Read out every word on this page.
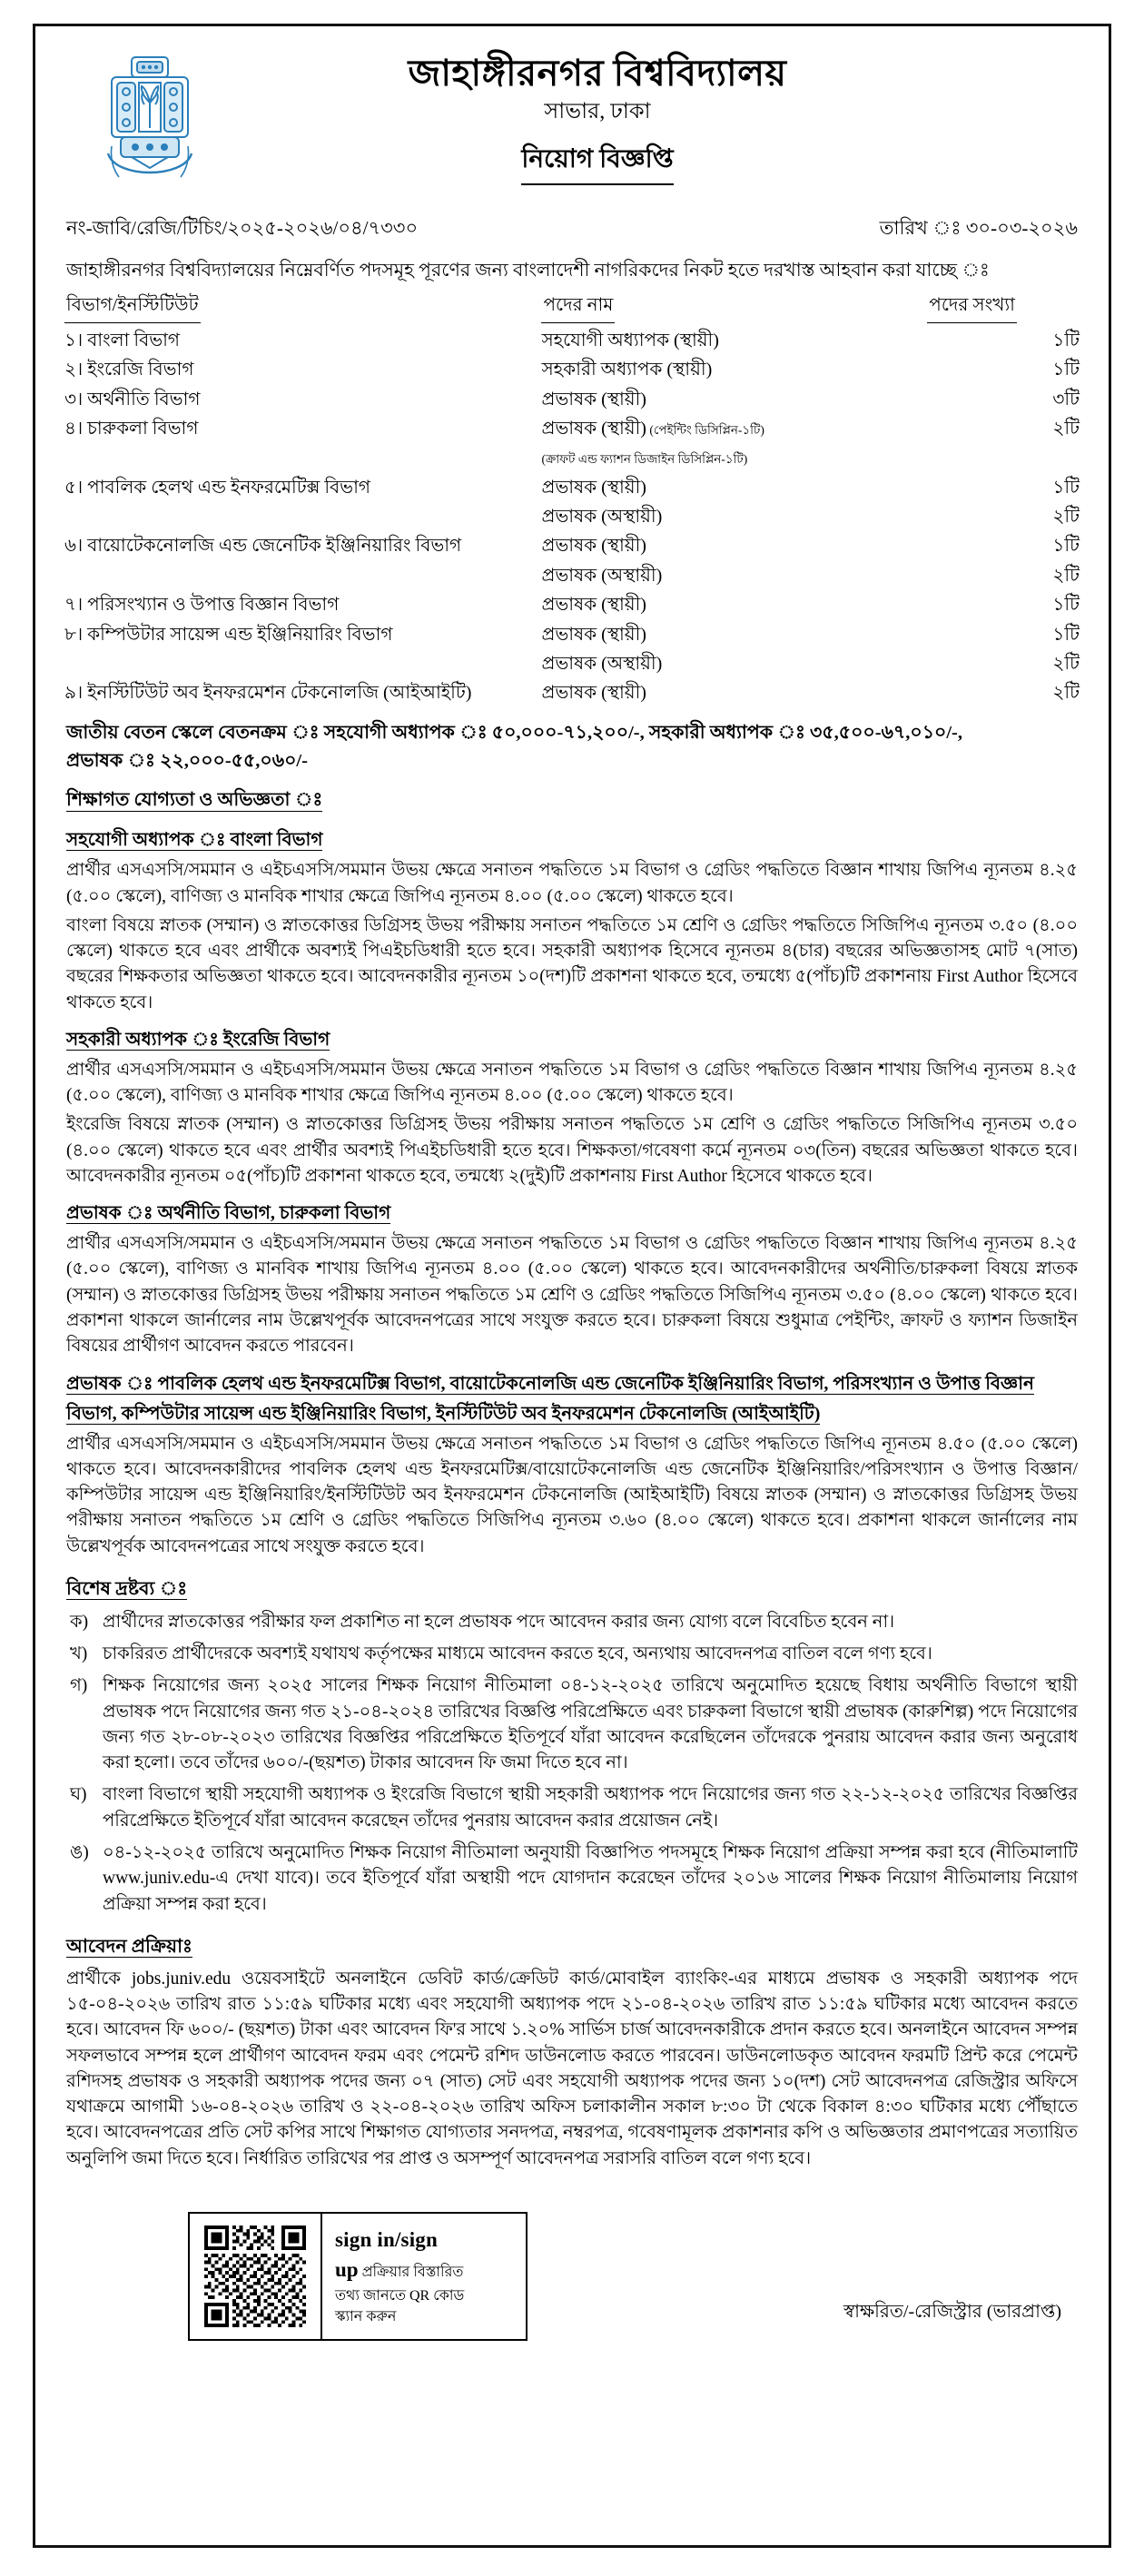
জাহাঙ্গীরনগর বিশ্ববিদ্যালয়
সাভার, ঢাকা
নিয়োগ বিজ্ঞপ্তি
নং-জাবি/রেজি/টিচিং/২০২৫-২০২৬/০৪/৭৩৩০	তারিখ ঃ ৩০-০৩-২০২৬
জাহাঙ্গীরনগর বিশ্ববিদ্যালয়ের নিম্নেবর্ণিত পদসমূহ পূরণের জন্য বাংলাদেশী নাগরিকদের নিকট হতে দরখাস্ত আহবান করা যাচ্ছে ঃ
বিভাগ/ইনস্টিটিউট	পদের নাম	পদের সংখ্যা
১। বাংলা বিভাগ	সহযোগী অধ্যাপক (স্থায়ী)	১টি
২। ইংরেজি বিভাগ	সহকারী অধ্যাপক (স্থায়ী)	১টি
৩। অর্থনীতি বিভাগ	প্রভাষক (স্থায়ী)	৩টি
৪। চারুকলা বিভাগ	প্রভাষক (স্থায়ী) (পেইন্টিং ডিসিপ্লিন-১টি)	২টি
	(ক্রাফট এন্ড ফ্যাশন ডিজাইন ডিসিপ্লিন-১টি)	
৫। পাবলিক হেলথ এন্ড ইনফরমেটিক্স বিভাগ	প্রভাষক (স্থায়ী)	১টি
	প্রভাষক (অস্থায়ী)	২টি
৬। বায়োটেকনোলজি এন্ড জেনেটিক ইঞ্জিনিয়ারিং বিভাগ	প্রভাষক (স্থায়ী)	১টি
	প্রভাষক (অস্থায়ী)	২টি
৭। পরিসংখ্যান ও উপাত্ত বিজ্ঞান বিভাগ	প্রভাষক (স্থায়ী)	১টি
৮। কম্পিউটার সায়েন্স এন্ড ইঞ্জিনিয়ারিং বিভাগ	প্রভাষক (স্থায়ী)	১টি
	প্রভাষক (অস্থায়ী)	২টি
৯। ইনস্টিটিউট অব ইনফরমেশন টেকনোলজি (আইআইটি)	প্রভাষক (স্থায়ী)	২টি
জাতীয় বেতন স্কেলে বেতনক্রম ঃ সহযোগী অধ্যাপক ঃ ৫০,০০০-৭১,২০০/-, সহকারী অধ্যাপক ঃ ৩৫,৫০০-৬৭,০১০/-,
প্রভাষক ঃ ২২,০০০-৫৫,০৬০/-
শিক্ষাগত যোগ্যতা ও অভিজ্ঞতা ঃ
সহযোগী অধ্যাপক ঃ বাংলা বিভাগ

প্রার্থীর এসএসসি/সমমান ও এইচএসসি/সমমান উভয় ক্ষেত্রে সনাতন পদ্ধতিতে ১ম বিভাগ ও গ্রেডিং পদ্ধতিতে বিজ্ঞান শাখায় জিপিএ ন্যূনতম ৪.২৫ (৫.০০ স্কেলে), বাণিজ্য ও মানবিক শাখার ক্ষেত্রে জিপিএ ন্যূনতম ৪.০০ (৫.০০ স্কেলে) থাকতে হবে।

বাংলা বিষয়ে স্নাতক (সম্মান) ও স্নাতকোত্তর ডিগ্রিসহ উভয় পরীক্ষায় সনাতন পদ্ধতিতে ১ম শ্রেণি ও গ্রেডিং পদ্ধতিতে সিজিপিএ ন্যূনতম ৩.৫০ (৪.০০ স্কেলে) থাকতে হবে এবং প্রার্থীকে অবশ্যই পিএইচডিধারী হতে হবে। সহকারী অধ্যাপক হিসেবে ন্যূনতম ৪(চার) বছরের অভিজ্ঞতাসহ মোট ৭(সাত) বছরের শিক্ষকতার অভিজ্ঞতা থাকতে হবে। আবেদনকারীর ন্যূনতম ১০(দশ)টি প্রকাশনা থাকতে হবে, তন্মধ্যে ৫(পাঁচ)টি প্রকাশনায় First Author হিসেবে থাকতে হবে।

সহকারী অধ্যাপক ঃ ইংরেজি বিভাগ

প্রার্থীর এসএসসি/সমমান ও এইচএসসি/সমমান উভয় ক্ষেত্রে সনাতন পদ্ধতিতে ১ম বিভাগ ও গ্রেডিং পদ্ধতিতে বিজ্ঞান শাখায় জিপিএ ন্যূনতম ৪.২৫ (৫.০০ স্কেলে), বাণিজ্য ও মানবিক শাখার ক্ষেত্রে জিপিএ ন্যূনতম ৪.০০ (৫.০০ স্কেলে) থাকতে হবে।

ইংরেজি বিষয়ে স্নাতক (সম্মান) ও স্নাতকোত্তর ডিগ্রিসহ উভয় পরীক্ষায় সনাতন পদ্ধতিতে ১ম শ্রেণি ও গ্রেডিং পদ্ধতিতে সিজিপিএ ন্যূনতম ৩.৫০ (৪.০০ স্কেলে) থাকতে হবে এবং প্রার্থীর অবশ্যই পিএইচডিধারী হতে হবে। শিক্ষকতা/গবেষণা কর্মে ন্যূনতম ০৩(তিন) বছরের অভিজ্ঞতা থাকতে হবে। আবেদনকারীর ন্যূনতম ০৫(পাঁচ)টি প্রকাশনা থাকতে হবে, তন্মধ্যে ২(দুই)টি প্রকাশনায় First Author হিসেবে থাকতে হবে।

প্রভাষক ঃ অর্থনীতি বিভাগ, চারুকলা বিভাগ

প্রার্থীর এসএসসি/সমমান ও এইচএসসি/সমমান উভয় ক্ষেত্রে সনাতন পদ্ধতিতে ১ম বিভাগ ও গ্রেডিং পদ্ধতিতে বিজ্ঞান শাখায় জিপিএ ন্যূনতম ৪.২৫ (৫.০০ স্কেলে), বাণিজ্য ও মানবিক শাখায় জিপিএ ন্যূনতম ৪.০০ (৫.০০ স্কেলে) থাকতে হবে। আবেদনকারীদের অর্থনীতি/চারুকলা বিষয়ে স্নাতক (সম্মান) ও স্নাতকোত্তর ডিগ্রিসহ উভয় পরীক্ষায় সনাতন পদ্ধতিতে ১ম শ্রেণি ও গ্রেডিং পদ্ধতিতে সিজিপিএ ন্যূনতম ৩.৫০ (৪.০০ স্কেলে) থাকতে হবে। প্রকাশনা থাকলে জার্নালের নাম উল্লেখপূর্বক আবেদনপত্রের সাথে সংযুক্ত করতে হবে। চারুকলা বিষয়ে শুধুমাত্র পেইন্টিং, ক্রাফট ও ফ্যাশন ডিজাইন বিষয়ের প্রার্থীগণ আবেদন করতে পারবেন।

প্রভাষক ঃ পাবলিক হেলথ এন্ড ইনফরমেটিক্স বিভাগ, বায়োটেকনোলজি এন্ড জেনেটিক ইঞ্জিনিয়ারিং বিভাগ, পরিসংখ্যান ও উপাত্ত বিজ্ঞান বিভাগ, কম্পিউটার সায়েন্স এন্ড ইঞ্জিনিয়ারিং বিভাগ, ইনস্টিটিউট অব ইনফরমেশন টেকনোলজি (আইআইটি)

প্রার্থীর এসএসসি/সমমান ও এইচএসসি/সমমান উভয় ক্ষেত্রে সনাতন পদ্ধতিতে ১ম বিভাগ ও গ্রেডিং পদ্ধতিতে জিপিএ ন্যূনতম ৪.৫০ (৫.০০ স্কেলে) থাকতে হবে। আবেদনকারীদের পাবলিক হেলথ এন্ড ইনফরমেটিক্স/বায়োটেকনোলজি এন্ড জেনেটিক ইঞ্জিনিয়ারিং/পরিসংখ্যান ও উপাত্ত বিজ্ঞান/কম্পিউটার সায়েন্স এন্ড ইঞ্জিনিয়ারিং/ইনস্টিটিউট অব ইনফরমেশন টেকনোলজি (আইআইটি) বিষয়ে স্নাতক (সম্মান) ও স্নাতকোত্তর ডিগ্রিসহ উভয় পরীক্ষায় সনাতন পদ্ধতিতে ১ম শ্রেণি ও গ্রেডিং পদ্ধতিতে সিজিপিএ ন্যূনতম ৩.৬০ (৪.০০ স্কেলে) থাকতে হবে। প্রকাশনা থাকলে জার্নালের নাম উল্লেখপূর্বক আবেদনপত্রের সাথে সংযুক্ত করতে হবে।

বিশেষ দ্রষ্টব্য ঃ
ক) প্রার্থীদের স্নাতকোত্তর পরীক্ষার ফল প্রকাশিত না হলে প্রভাষক পদে আবেদন করার জন্য যোগ্য বলে বিবেচিত হবেন না।
খ) চাকরিরত প্রার্থীদেরকে অবশ্যই যথাযথ কর্তৃপক্ষের মাধ্যমে আবেদন করতে হবে, অন্যথায় আবেদনপত্র বাতিল বলে গণ্য হবে।
গ) শিক্ষক নিয়োগের জন্য ২০২৫ সালের শিক্ষক নিয়োগ নীতিমালা ০৪-১২-২০২৫ তারিখে অনুমোদিত হয়েছে বিধায় অর্থনীতি বিভাগে স্থায়ী প্রভাষক পদে নিয়োগের জন্য গত ২১-০৪-২০২৪ তারিখের বিজ্ঞপ্তি পরিপ্রেক্ষিতে এবং চারুকলা বিভাগে স্থায়ী প্রভাষক (কারুশিল্প) পদে নিয়োগের জন্য গত ২৮-০৮-২০২৩ তারিখের বিজ্ঞপ্তির পরিপ্রেক্ষিতে ইতিপূর্বে যাঁরা আবেদন করেছিলেন তাঁদেরকে পুনরায় আবেদন করার জন্য অনুরোধ করা হলো। তবে তাঁদের ৬০০/-(ছয়শত) টাকার আবেদন ফি জমা দিতে হবে না।
ঘ) বাংলা বিভাগে স্থায়ী সহযোগী অধ্যাপক ও ইংরেজি বিভাগে স্থায়ী সহকারী অধ্যাপক পদে নিয়োগের জন্য গত ২২-১২-২০২৫ তারিখের বিজ্ঞপ্তির পরিপ্রেক্ষিতে ইতিপূর্বে যাঁরা আবেদন করেছেন তাঁদের পুনরায় আবেদন করার প্রয়োজন নেই।
ঙ) ০৪-১২-২০২৫ তারিখে অনুমোদিত শিক্ষক নিয়োগ নীতিমালা অনুযায়ী বিজ্ঞাপিত পদসমূহে শিক্ষক নিয়োগ প্রক্রিয়া সম্পন্ন করা হবে (নীতিমালাটি www.juniv.edu-এ দেখা যাবে)। তবে ইতিপূর্বে যাঁরা অস্থায়ী পদে যোগদান করেছেন তাঁদের ২০১৬ সালের শিক্ষক নিয়োগ নীতিমালায় নিয়োগ প্রক্রিয়া সম্পন্ন করা হবে।
আবেদন প্রক্রিয়াঃ

প্রার্থীকে jobs.juniv.edu ওয়েবসাইটে অনলাইনে ডেবিট কার্ড/ক্রেডিট কার্ড/মোবাইল ব্যাংকিং-এর মাধ্যমে প্রভাষক ও সহকারী অধ্যাপক পদে ১৫-০৪-২০২৬ তারিখ রাত ১১:৫৯ ঘটিকার মধ্যে এবং সহযোগী অধ্যাপক পদে ২১-০৪-২০২৬ তারিখ রাত ১১:৫৯ ঘটিকার মধ্যে আবেদন করতে হবে। আবেদন ফি ৬০০/- (ছয়শত) টাকা এবং আবেদন ফি'র সাথে ১.২০% সার্ভিস চার্জ আবেদনকারীকে প্রদান করতে হবে। অনলাইনে আবেদন সম্পন্ন সফলভাবে সম্পন্ন হলে প্রার্থীগণ আবেদন ফরম এবং পেমেন্ট রশিদ ডাউনলোড করতে পারবেন। ডাউনলোডকৃত আবেদন ফরমটি প্রিন্ট করে পেমেন্ট রশিদসহ প্রভাষক ও সহকারী অধ্যাপক পদের জন্য ০৭ (সাত) সেট এবং সহযোগী অধ্যাপক পদের জন্য ১০(দশ) সেট আবেদনপত্র রেজিস্ট্রার অফিসে যথাক্রমে আগামী ১৬-০৪-২০২৬ তারিখ ও ২২-০৪-২০২৬ তারিখ অফিস চলাকালীন সকাল ৮:৩০ টা থেকে বিকাল ৪:৩০ ঘটিকার মধ্যে পৌঁছাতে হবে। আবেদনপত্রের প্রতি সেট কপির সাথে শিক্ষাগত যোগ্যতার সনদপত্র, নম্বরপত্র, গবেষণামূলক প্রকাশনার কপি ও অভিজ্ঞতার প্রমাণপত্রের সত্যায়িত অনুলিপি জমা দিতে হবে। নির্ধারিত তারিখের পর প্রাপ্ত ও অসম্পূর্ণ আবেদনপত্র সরাসরি বাতিল বলে গণ্য হবে।

sign in/sign
up প্রক্রিয়ার বিস্তারিত
তথ্য জানতে QR কোড
স্ক্যান করুন	স্বাক্ষরিত/-রেজিস্ট্রার (ভারপ্রাপ্ত)
